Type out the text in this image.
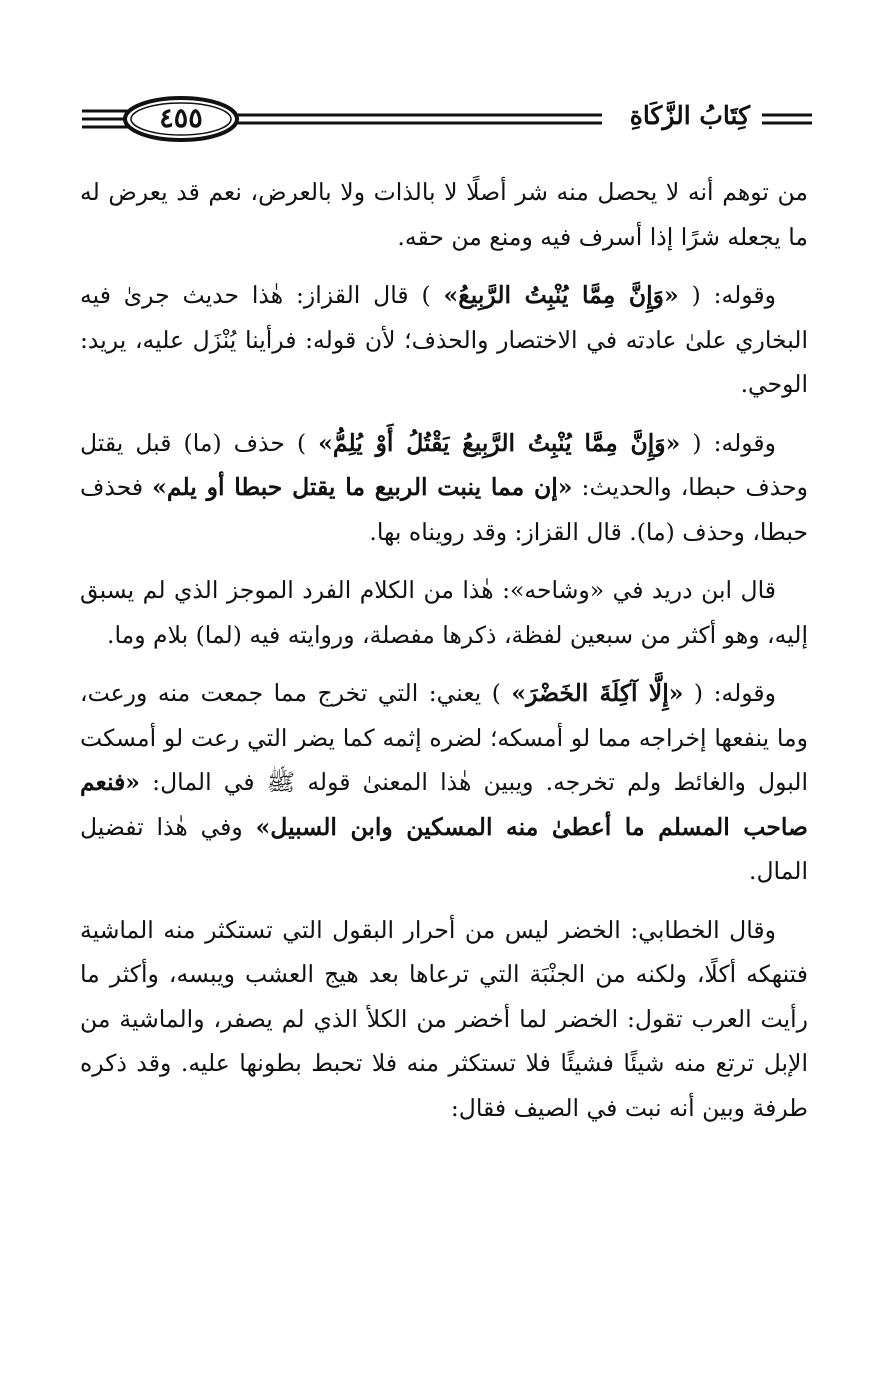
٤٥٥	كِتَابُ الزَّكَاةِ

من توهم أنه لا يحصل منه شر أصلًا لا بالذات ولا بالعرض، نعم قد يعرض له ما يجعله شرًا إذا أسرف فيه ومنع من حقه.

وقوله: ( «وَإِنَّ مِمَّا يُنْبِتُ الرَّبِيعُ» ) قال القزاز: هٰذا حديث جرىٰ فيه البخاري علىٰ عادته في الاختصار والحذف؛ لأن قوله: فرأينا يُنْزَل عليه، يريد: الوحي.

وقوله: ( «وَإِنَّ مِمَّا يُنْبِتُ الرَّبِيعُ يَقْتُلُ أَوْ يُلِمُّ» ) حذف (ما) قبل يقتل وحذف حبطا، والحديث: «إن مما ينبت الربيع ما يقتل حبطا أو يلم» فحذف حبطا، وحذف (ما). قال القزاز: وقد رويناه بها.

قال ابن دريد في «وشاحه»: هٰذا من الكلام الفرد الموجز الذي لم يسبق إليه، وهو أكثر من سبعين لفظة، ذكرها مفصلة، وروايته فيه (لما) بلام وما.

وقوله: ( «إِلَّا آكِلَةَ الخَضْرَ» ) يعني: التي تخرج مما جمعت منه ورعت، وما ينفعها إخراجه مما لو أمسكه؛ لضره إثمه كما يضر التي رعت لو أمسكت البول والغائط ولم تخرجه. ويبين هٰذا المعنىٰ قوله ﷺ في المال: «فنعم صاحب المسلم ما أعطىٰ منه المسكين وابن السبيل» وفي هٰذا تفضيل المال.

وقال الخطابي: الخضر ليس من أحرار البقول التي تستكثر منه الماشية فتنهكه أكلًا، ولكنه من الجنْبَة التي ترعاها بعد هيج العشب ويبسه، وأكثر ما رأيت العرب تقول: الخضر لما أخضر من الكلأ الذي لم يصفر، والماشية من الإبل ترتع منه شيئًا فشيئًا فلا تستكثر منه فلا تحبط بطونها عليه. وقد ذكره طرفة وبين أنه نبت في الصيف فقال:
